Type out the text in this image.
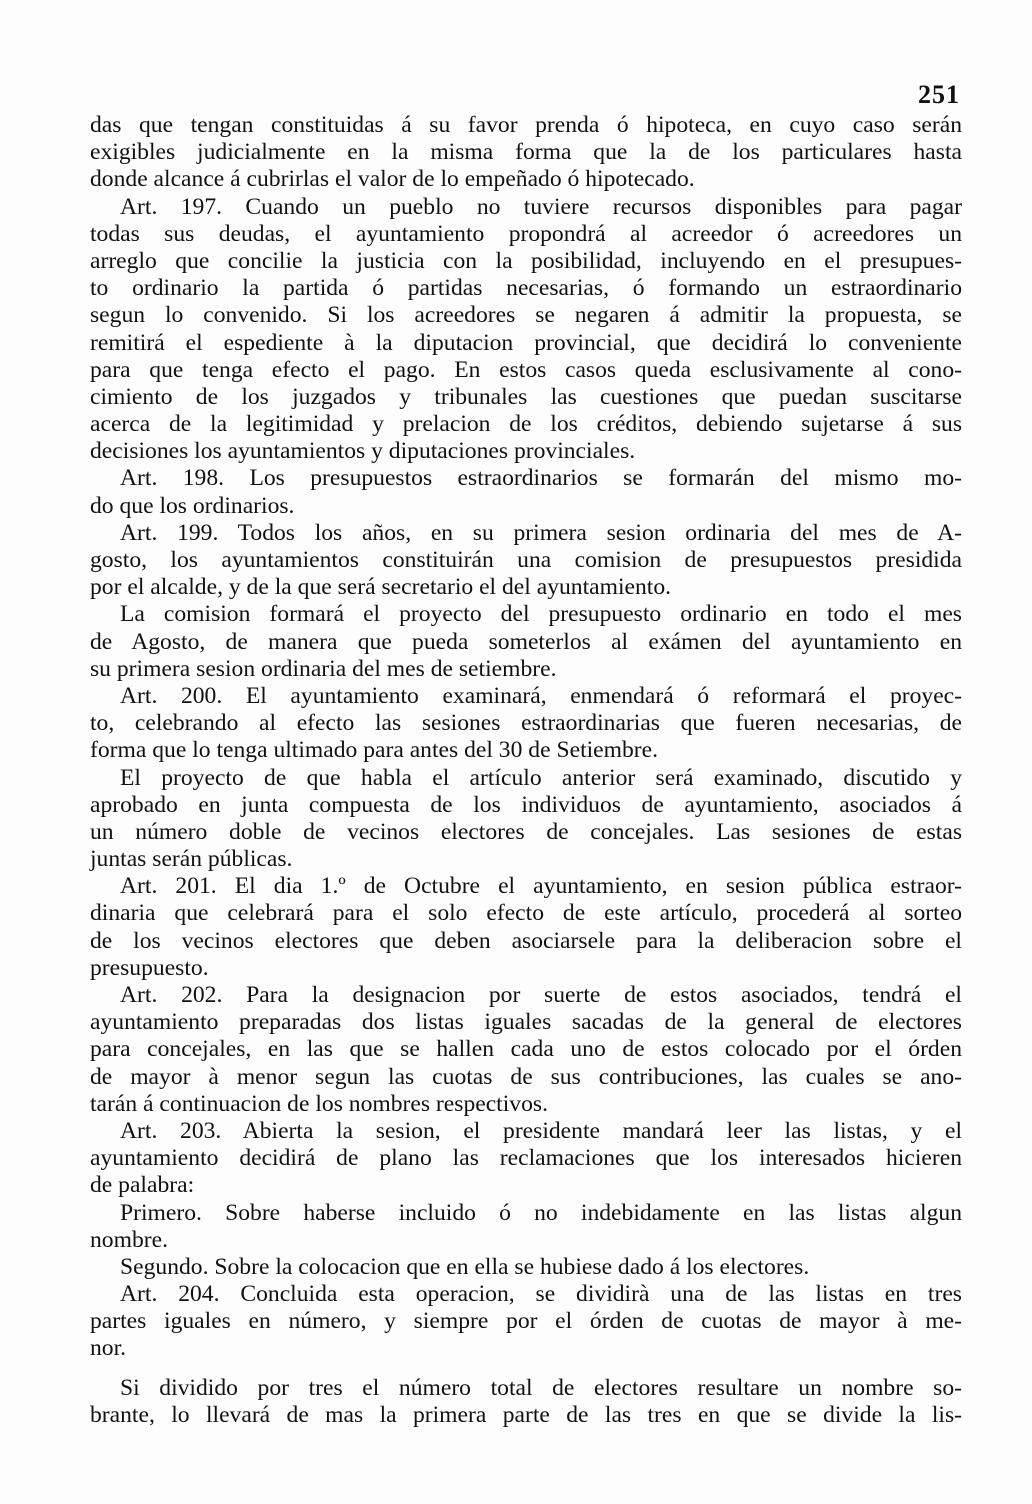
251
das que tengan constituidas á su favor prenda ó hipoteca, en cuyo caso serán
exigibles judicialmente en la misma forma que la de los particulares hasta
donde alcance á cubrirlas el valor de lo empeñado ó hipotecado.
Art. 197. Cuando un pueblo no tuviere recursos disponibles para pagar
todas sus deudas, el ayuntamiento propondrá al acreedor ó acreedores un
arreglo que concilie la justicia con la posibilidad, incluyendo en el presupues-
to ordinario la partida ó partidas necesarias, ó formando un estraordinario
segun lo convenido. Si los acreedores se negaren á admitir la propuesta, se
remitirá el espediente à la diputacion provincial, que decidirá lo conveniente
para que tenga efecto el pago. En estos casos queda esclusivamente al cono-
cimiento de los juzgados y tribunales las cuestiones que puedan suscitarse
acerca de la legitimidad y prelacion de los créditos, debiendo sujetarse á sus
decisiones los ayuntamientos y diputaciones provinciales.
Art. 198. Los presupuestos estraordinarios se formarán del mismo mo-
do que los ordinarios.
Art. 199. Todos los años, en su primera sesion ordinaria del mes de A-
gosto, los ayuntamientos constituirán una comision de presupuestos presidida
por el alcalde, y de la que será secretario el del ayuntamiento.
La comision formará el proyecto del presupuesto ordinario en todo el mes
de Agosto, de manera que pueda someterlos al exámen del ayuntamiento en
su primera sesion ordinaria del mes de setiembre.
Art. 200. El ayuntamiento examinará, enmendará ó reformará el proyec-
to, celebrando al efecto las sesiones estraordinarias que fueren necesarias, de
forma que lo tenga ultimado para antes del 30 de Setiembre.
El proyecto de que habla el artículo anterior será examinado, discutido y
aprobado en junta compuesta de los individuos de ayuntamiento, asociados á
un número doble de vecinos electores de concejales. Las sesiones de estas
juntas serán públicas.
Art. 201. El dia 1.º de Octubre el ayuntamiento, en sesion pública estraor-
dinaria que celebrará para el solo efecto de este artículo, procederá al sorteo
de los vecinos electores que deben asociarsele para la deliberacion sobre el
presupuesto.
Art. 202. Para la designacion por suerte de estos asociados, tendrá el
ayuntamiento preparadas dos listas iguales sacadas de la general de electores
para concejales, en las que se hallen cada uno de estos colocado por el órden
de mayor à menor segun las cuotas de sus contribuciones, las cuales se ano-
tarán á continuacion de los nombres respectivos.
Art. 203. Abierta la sesion, el presidente mandará leer las listas, y el
ayuntamiento decidirá de plano las reclamaciones que los interesados hicieren
de palabra:
Primero. Sobre haberse incluido ó no indebidamente en las listas algun
nombre.
Segundo. Sobre la colocacion que en ella se hubiese dado á los electores.
Art. 204. Concluida esta operacion, se dividirà una de las listas en tres
partes iguales en número, y siempre por el órden de cuotas de mayor à me-
nor.
Si dividido por tres el número total de electores resultare un nombre so-
brante, lo llevará de mas la primera parte de las tres en que se divide la lis-
